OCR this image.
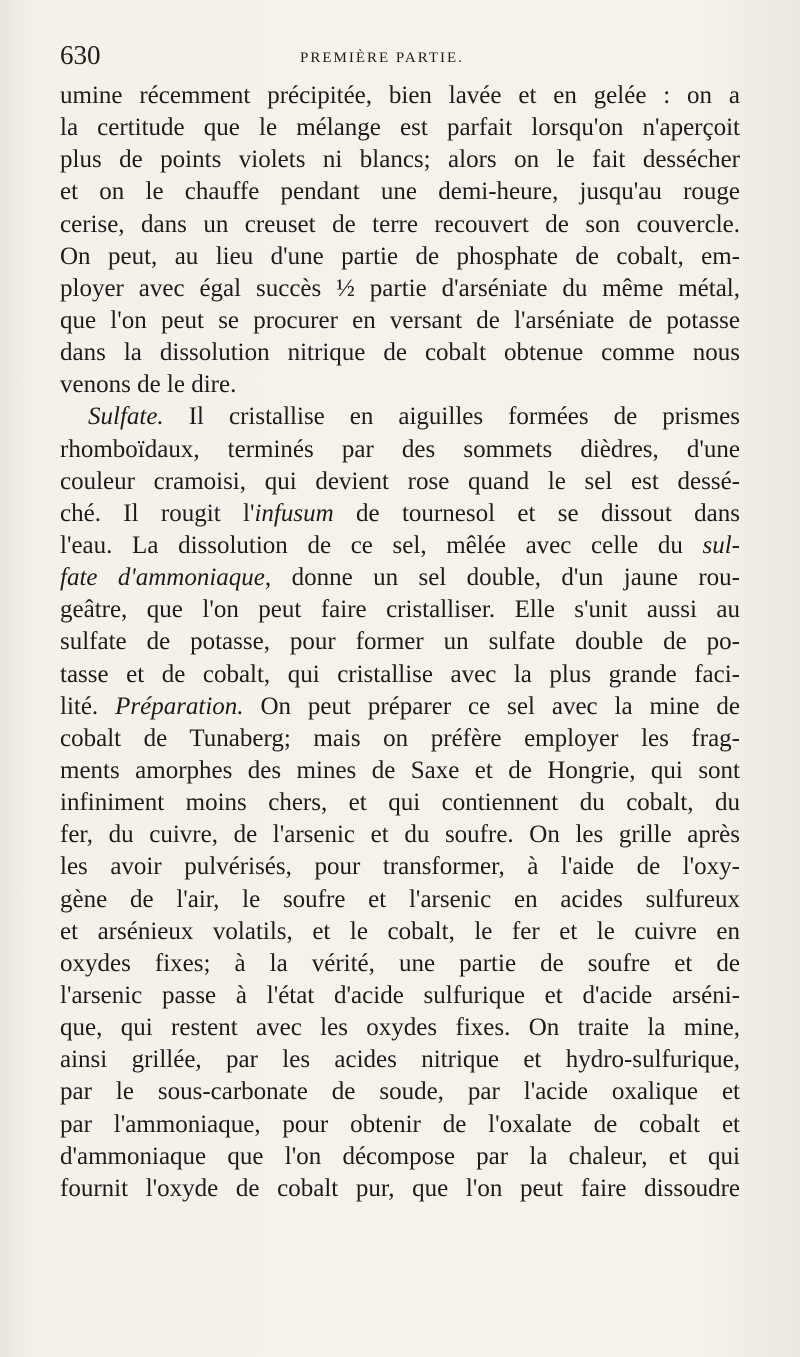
630	PREMIÈRE PARTIE.
umine récemment précipitée, bien lavée et en gelée : on a
la certitude que le mélange est parfait lorsqu'on n'aperçoit
plus de points violets ni blancs; alors on le fait dessécher
et on le chauffe pendant une demi-heure, jusqu'au rouge
cerise, dans un creuset de terre recouvert de son couvercle.
On peut, au lieu d'une partie de phosphate de cobalt, em-
ployer avec égal succès ½ partie d'arséniate du même métal,
que l'on peut se procurer en versant de l'arséniate de potasse
dans la dissolution nitrique de cobalt obtenue comme nous
venons de le dire.
Sulfate. Il cristallise en aiguilles formées de prismes
rhomboïdaux, terminés par des sommets dièdres, d'une
couleur cramoisi, qui devient rose quand le sel est dessé-
ché. Il rougit l'infusum de tournesol et se dissout dans
l'eau. La dissolution de ce sel, mêlée avec celle du sul-
fate d'ammoniaque, donne un sel double, d'un jaune rou-
geâtre, que l'on peut faire cristalliser. Elle s'unit aussi au
sulfate de potasse, pour former un sulfate double de po-
tasse et de cobalt, qui cristallise avec la plus grande faci-
lité. Préparation. On peut préparer ce sel avec la mine de
cobalt de Tunaberg; mais on préfère employer les frag-
ments amorphes des mines de Saxe et de Hongrie, qui sont
infiniment moins chers, et qui contiennent du cobalt, du
fer, du cuivre, de l'arsenic et du soufre. On les grille après
les avoir pulvérisés, pour transformer, à l'aide de l'oxy-
gène de l'air, le soufre et l'arsenic en acides sulfureux
et arsénieux volatils, et le cobalt, le fer et le cuivre en
oxydes fixes; à la vérité, une partie de soufre et de
l'arsenic passe à l'état d'acide sulfurique et d'acide arséni-
que, qui restent avec les oxydes fixes. On traite la mine,
ainsi grillée, par les acides nitrique et hydro-sulfurique,
par le sous-carbonate de soude, par l'acide oxalique et
par l'ammoniaque, pour obtenir de l'oxalate de cobalt et
d'ammoniaque que l'on décompose par la chaleur, et qui
fournit l'oxyde de cobalt pur, que l'on peut faire dissoudre
